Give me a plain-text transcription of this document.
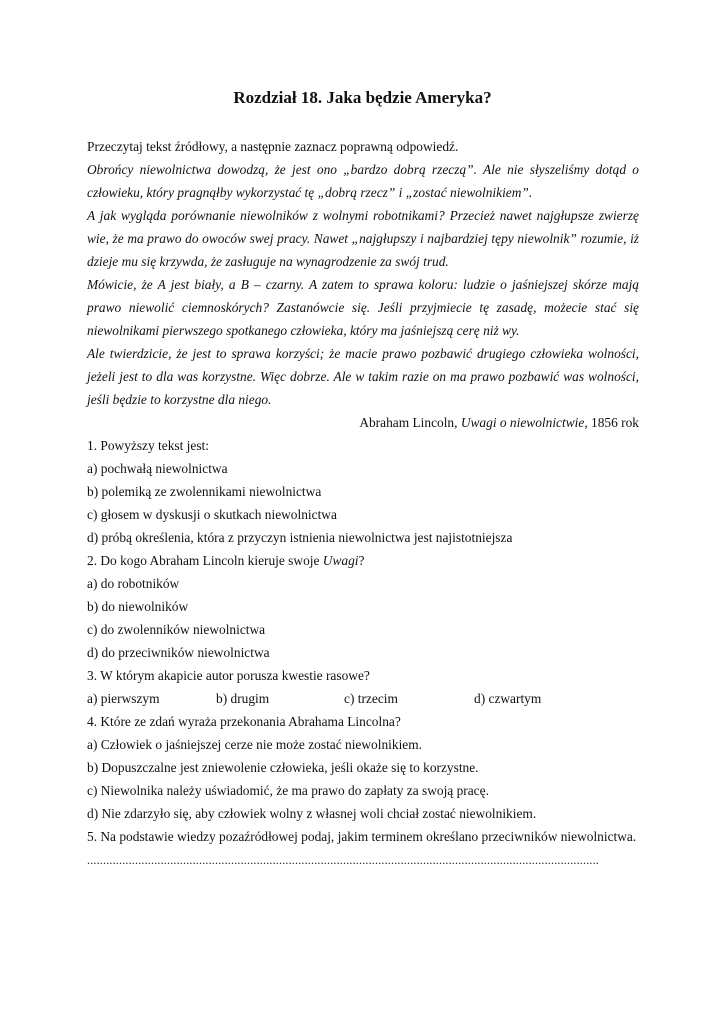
Rozdział 18. Jaka będzie Ameryka?
Przeczytaj tekst źródłowy, a następnie zaznacz poprawną odpowiedź.
Obrońcy niewolnictwa dowodzą, że jest ono „bardzo dobrą rzeczą”. Ale nie słyszeliśmy dotąd o
człowieku, który pragnąłby wykorzystać tę „dobrą rzecz” i „zostać niewolnikiem”.
A jak wygląda porównanie niewolników z wolnymi robotnikami? Przecież nawet najgłupsze zwierzę
wie, że ma prawo do owoców swej pracy. Nawet „najgłupszy i najbardziej tępy niewolnik” rozumie, iż
dzieje mu się krzywda, że zasługuje na wynagrodzenie za swój trud.
Mówicie, że A jest biały, a B – czarny. A zatem to sprawa koloru: ludzie o jaśniejszej skórze mają
prawo niewolić ciemnoskórych? Zastanówcie się. Jeśli przyjmiecie tę zasadę, możecie stać się
niewolnikami pierwszego spotkanego człowieka, który ma jaśniejszą cerę niż wy.
Ale twierdzicie, że jest to sprawa korzyści; że macie prawo pozbawić drugiego człowieka wolności,
jeżeli jest to dla was korzystne. Więc dobrze. Ale w takim razie on ma prawo pozbawić was wolności,
jeśli będzie to korzystne dla niego.
Abraham Lincoln, Uwagi o niewolnictwie, 1856 rok
1. Powyższy tekst jest:
a) pochwałą niewolnictwa
b) polemiką ze zwolennikami niewolnictwa
c) głosem w dyskusji o skutkach niewolnictwa
d) próbą określenia, która z przyczyn istnienia niewolnictwa jest najistotniejsza
2. Do kogo Abraham Lincoln kieruje swoje Uwagi?
a) do robotników
b) do niewolników
c) do zwolenników niewolnictwa
d) do przeciwników niewolnictwa
3. W którym akapicie autor porusza kwestie rasowe?
a) pierwszym	b) drugim	c) trzecim	d) czwartym
4. Które ze zdań wyraża przekonania Abrahama Lincolna?
a) Człowiek o jaśniejszej cerze nie może zostać niewolnikiem.
b) Dopuszczalne jest zniewolenie człowieka, jeśli okaże się to korzystne.
c) Niewolnika należy uświadomić, że ma prawo do zapłaty za swoją pracę.
d) Nie zdarzyło się, aby człowiek wolny z własnej woli chciał zostać niewolnikiem.
5. Na podstawie wiedzy pozaźródłowej podaj, jakim terminem określano przeciwników niewolnictwa.
................................................................................................................................................................
